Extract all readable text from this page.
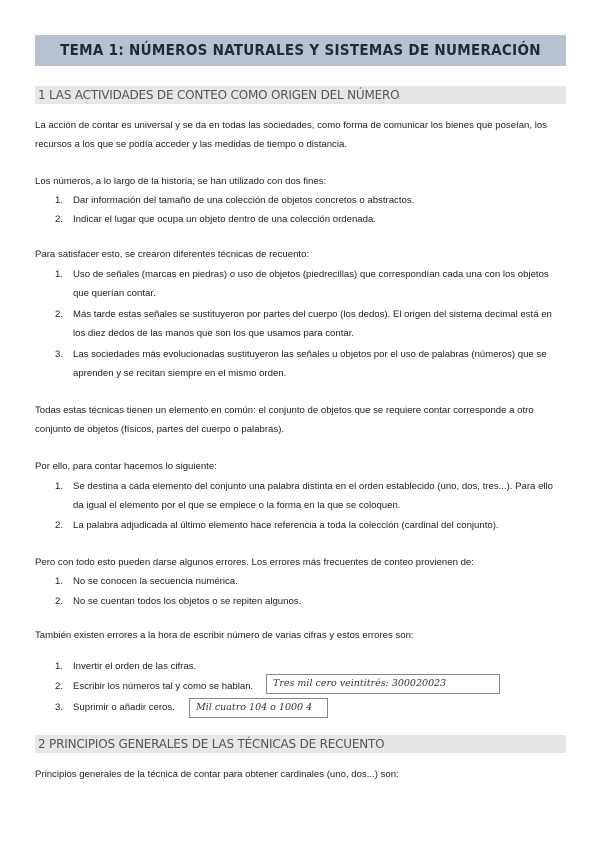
TEMA 1: NÚMEROS NATURALES Y SISTEMAS DE NUMERACIÓN
1 LAS ACTIVIDADES DE CONTEO COMO ORIGEN DEL NÚMERO
La acción de contar es universal y se da en todas las sociedades, como forma de comunicar los bienes que poseían, los recursos a los que se podía acceder y las medidas de tiempo o distancia.
Los números, a lo largo de la historia, se han utilizado con dos fines:
1.	Dar información del tamaño de una colección de objetos concretos o abstractos.
2.	Indicar el lugar que ocupa un objeto dentro de una colección ordenada.
Para satisfacer esto, se crearon diferentes técnicas de recuento:
1.	Uso de señales (marcas en piedras) o uso de objetos (piedrecillas) que correspondían cada una con los objetos que querían contar.
2.	Más tarde estas señales se sustituyeron por partes del cuerpo (los dedos). El origen del sistema decimal está en los diez dedos de las manos que son los que usamos para contar.
3.	Las sociedades más evolucionadas sustituyeron las señales u objetos por el uso de palabras (números) que se aprenden y se recitan siempre en el mismo orden.
Todas estas técnicas tienen un elemento en común: el conjunto de objetos que se requiere contar corresponde a otro conjunto de objetos (físicos, partes del cuerpo o palabras).
Por ello, para contar hacemos lo siguiente:
1.	Se destina a cada elemento del conjunto una palabra distinta en el orden establecido (uno, dos, tres...). Para ello da igual el elemento por el que se empiece o la forma en la que se coloquen.
2.	La palabra adjudicada al último elemento hace referencia a toda la colección (cardinal del conjunto).
Pero con todo esto pueden darse algunos errores. Los errores más frecuentes de conteo provienen de:
1.	No se conocen la secuencia numérica.
2.	No se cuentan todos los objetos o se repiten algunos.
También existen errores a la hora de escribir número de varias cifras y estos errores son:
1.	Invertir el orden de las cifras.
2.	Escribir los números tal y como se hablan.
3.	Suprimir o añadir ceros.
Tres mil cero veintitrés: 300020023
Mil cuatro 104 o 1000 4
2 PRINCIPIOS GENERALES DE LAS TÉCNICAS DE RECUENTO
Principios generales de la técnica de contar para obtener cardinales (uno, dos...) son:
